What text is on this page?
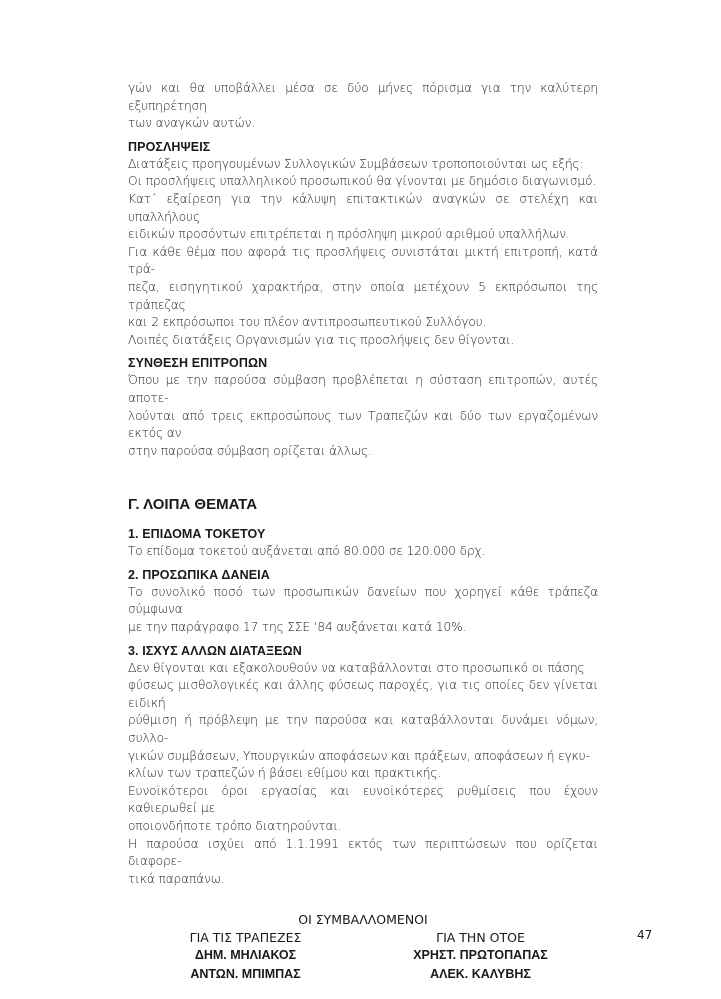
γών και θα υποβάλλει μέσα σε δύο μήνες πόρισμα για την καλύτερη εξυπηρέτηση
των αναγκών αυτών.

ΠΡΟΣΛΗΨΕΙΣ

Διατάξεις προηγουμένων Συλλογικών Συμβάσεων τροποποιούνται ως εξής:
Οι προσλήψεις υπαλληλικού προσωπικού θα γίνονται με δημόσιο διαγωνισμό.
Κατ΄ εξαίρεση για την κάλυψη επιτακτικών αναγκών σε στελέχη και υπαλλήλους
ειδικών προσόντων επιτρέπεται η πρόσληψη μικρού αριθμού υπαλλήλων.
Για κάθε θέμα που αφορά τις προσλήψεις συνιστάται μικτή επιτροπή, κατά τρά-
πεζα, εισηγητικού χαρακτήρα, στην οποία μετέχουν 5 εκπρόσωποι της τράπεζας
και 2 εκπρόσωποι του πλέον αντιπροσωπευτικού Συλλόγου.
Λοιπές διατάξεις Οργανισμών για τις προσλήψεις δεν θίγονται.

ΣΥΝΘΕΣΗ ΕΠΙΤΡΟΠΩΝ

Όπου με την παρούσα σύμβαση προβλέπεται η σύσταση επιτροπών, αυτές αποτε-
λούνται από τρεις εκπροσώπους των Τραπεζών και δύο των εργαζομένων εκτός αν
στην παρούσα σύμβαση ορίζεται άλλως.

Γ. ΛΟΙΠΑ ΘΕΜΑΤΑ
1. ΕΠΙΔΟΜΑ ΤΟΚΕΤΟΥ

Το επίδομα τοκετού αυξάνεται από 80.000 σε 120.000 δρχ.

2. ΠΡΟΣΩΠΙΚΑ ΔΑΝΕΙΑ

Το συνολικό ποσό των προσωπικών δανείων που χορηγεί κάθε τράπεζα σύμφωνα
με την παράγραφο 17 της ΣΣΕ ‘84 αυξάνεται κατά 10%.

3. ΙΣΧΥΣ ΑΛΛΩΝ ΔΙΑΤΑΞΕΩΝ

Δεν θίγονται και εξακολουθούν να καταβάλλονται στο προσωπικό οι πάσης
φύσεως μισθολογικές και άλλης φύσεως παροχές, για τις οποίες δεν γίνεται ειδική
ρύθμιση ή πρόβλεψη με την παρούσα και καταβάλλονται δυνάμει νόμων, συλλο-
γικών συμβάσεων, Υπουργικών αποφάσεων και πράξεων, αποφάσεων ή εγκυ-
κλίων των τραπεζών ή βάσει εθίμου και πρακτικής.
Ευνοϊκότεροι όροι εργασίας και ευνοϊκότερες ρυθμίσεις που έχουν καθιερωθεί με
οποιονδήποτε τρόπο διατηρούνται.
Η παρούσα ισχύει από 1.1.1991 εκτός των περιπτώσεων που ορίζεται διαφορε-
τικά παραπάνω.

ΟΙ ΣΥΜΒΑΛΛΟΜΕΝΟΙ
ΓΙΑ ΤΙΣ ΤΡΑΠΕΖΕΣ
ΔΗΜ. ΜΗΛΙΑΚΟΣ
ΑΝΤΩΝ. ΜΠΙΜΠΑΣ
ΓΙΑ ΤΗΝ ΟΤΟΕ
ΧΡΗΣΤ. ΠΡΩΤΟΠΑΠΑΣ
ΑΛΕΚ. ΚΑΛΥΒΗΣ
47
